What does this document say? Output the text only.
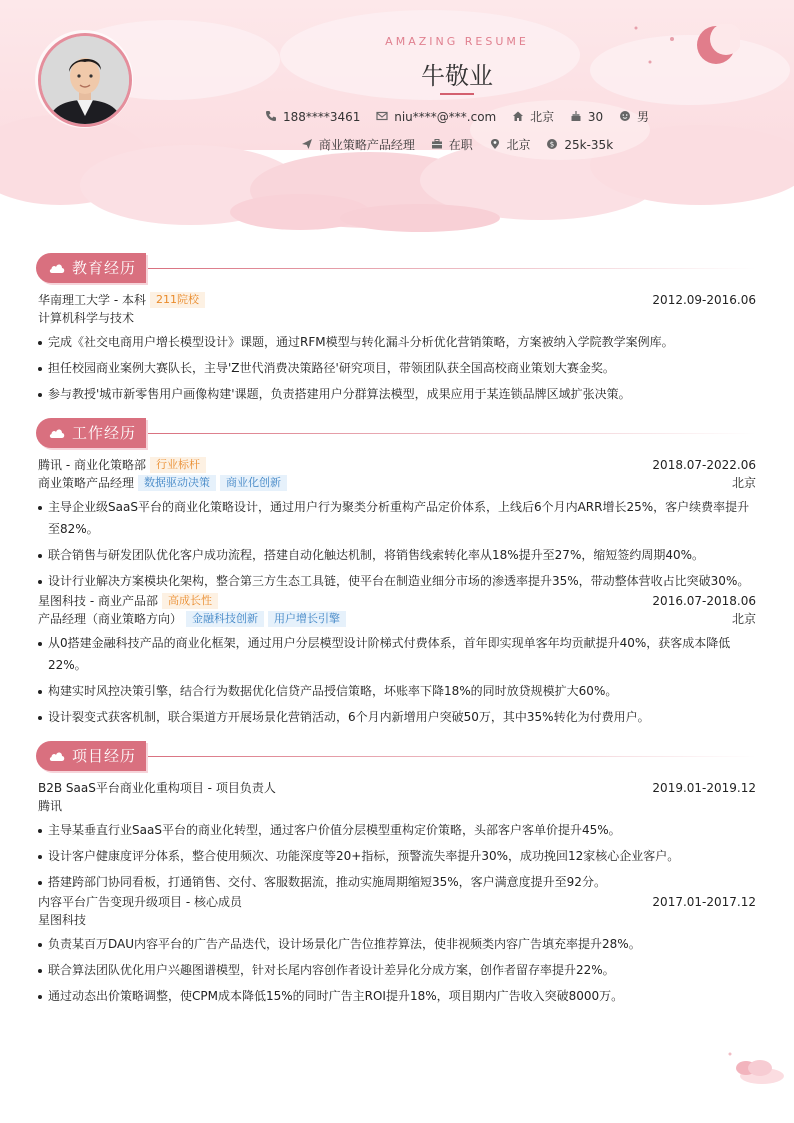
AMAZING RESUME
牛敬业
188****3461	niu****@***.com	北京	30	男
商业策略产品经理	在职	北京	$ 25k-35k
教育经历
华南理工大学 - 本科 211院校	2012.09-2016.06
计算机科学与技术
完成《社交电商用户增长模型设计》课题，通过RFM模型与转化漏斗分析优化营销策略，方案被纳入学院教学案例库。
担任校园商业案例大赛队长，主导'Z世代消费决策路径'研究项目，带领团队获全国高校商业策划大赛金奖。
参与教授'城市新零售用户画像构建'课题，负责搭建用户分群算法模型，成果应用于某连锁品牌区域扩张决策。
工作经历
腾讯 - 商业化策略部 行业标杆	2018.07-2022.06
商业策略产品经理 数据驱动决策 商业化创新	北京
主导企业级SaaS平台的商业化策略设计，通过用户行为聚类分析重构产品定价体系，上线后6个月内ARR增长25%，客户续费率提升至82%。
联合销售与研发团队优化客户成功流程，搭建自动化触达机制，将销售线索转化率从18%提升至27%，缩短签约周期40%。
设计行业解决方案模块化架构，整合第三方生态工具链，使平台在制造业细分市场的渗透率提升35%，带动整体营收占比突破30%。
星图科技 - 商业产品部 高成长性	2016.07-2018.06
产品经理（商业策略方向） 金融科技创新 用户增长引擎	北京
从0搭建金融科技产品的商业化框架，通过用户分层模型设计阶梯式付费体系，首年即实现单客年均贡献提升40%，获客成本降低22%。
构建实时风控决策引擎，结合行为数据优化信贷产品授信策略，坏账率下降18%的同时放贷规模扩大60%。
设计裂变式获客机制，联合渠道方开展场景化营销活动，6个月内新增用户突破50万，其中35%转化为付费用户。
项目经历
B2B SaaS平台商业化重构项目 - 项目负责人	2019.01-2019.12
腾讯
主导某垂直行业SaaS平台的商业化转型，通过客户价值分层模型重构定价策略，头部客户客单价提升45%。
设计客户健康度评分体系，整合使用频次、功能深度等20+指标，预警流失率提升30%，成功挽回12家核心企业客户。
搭建跨部门协同看板，打通销售、交付、客服数据流，推动实施周期缩短35%，客户满意度提升至92分。
内容平台广告变现升级项目 - 核心成员	2017.01-2017.12
星图科技
负责某百万DAU内容平台的广告产品迭代，设计场景化广告位推荐算法，使非视频类内容广告填充率提升28%。
联合算法团队优化用户兴趣图谱模型，针对长尾内容创作者设计差异化分成方案，创作者留存率提升22%。
通过动态出价策略调整，使CPM成本降低15%的同时广告主ROI提升18%，项目期内广告收入突破8000万。
